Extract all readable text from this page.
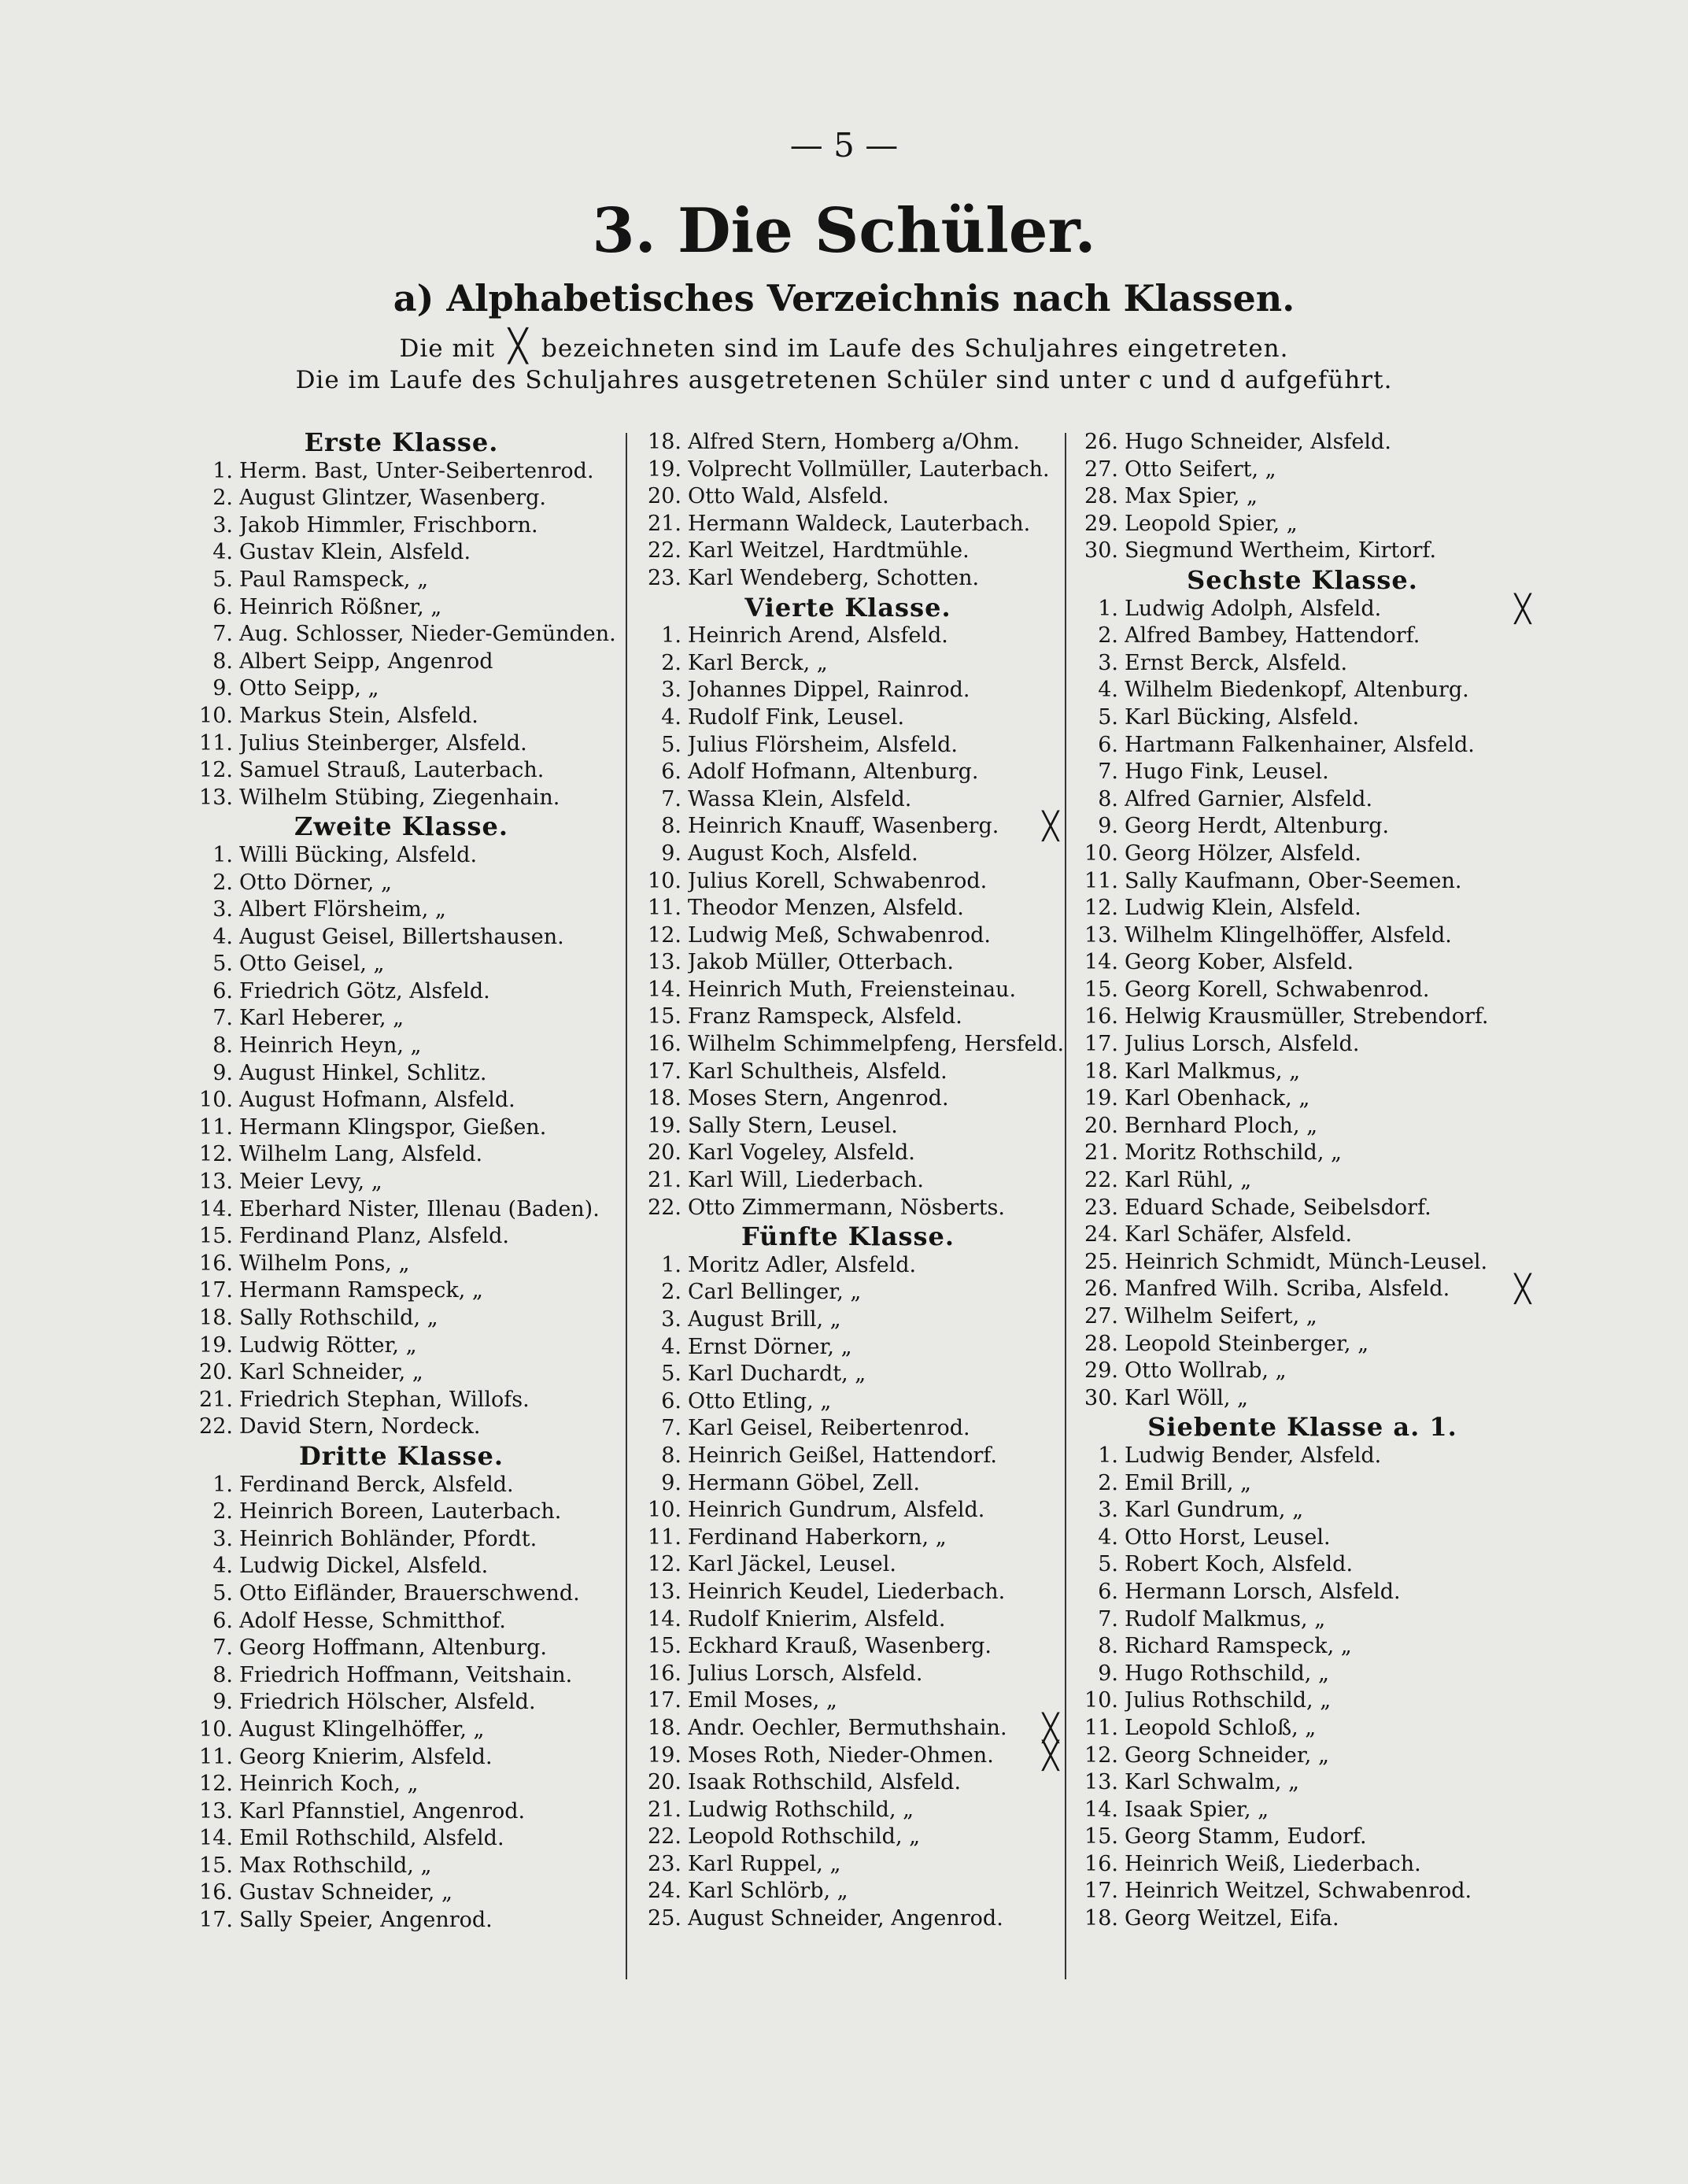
— 5 —
3. Die Schüler.
a) Alphabetisches Verzeichnis nach Klassen.
Die mit ╳ bezeichneten sind im Laufe des Schuljahres eingetreten.
Die im Laufe des Schuljahres ausgetretenen Schüler sind unter c und d aufgeführt.
Erste Klasse.
1. Herm. Bast, Unter-Seibertenrod.
2. August Glintzer, Wasenberg.
3. Jakob Himmler, Frischborn.
4. Gustav Klein, Alsfeld.
5. Paul Ramspeck, „
6. Heinrich Rößner, „
7. Aug. Schlosser, Nieder-Gemünden.
8. Albert Seipp, Angenrod
9. Otto Seipp, „
10. Markus Stein, Alsfeld.
11. Julius Steinberger, Alsfeld.
12. Samuel Strauß, Lauterbach.
13. Wilhelm Stübing, Ziegenhain.
Zweite Klasse.
1. Willi Bücking, Alsfeld.
2. Otto Dörner, „
3. Albert Flörsheim, „
4. August Geisel, Billertshausen.
5. Otto Geisel, „
6. Friedrich Götz, Alsfeld.
7. Karl Heberer, „
8. Heinrich Heyn, „
9. August Hinkel, Schlitz.
10. August Hofmann, Alsfeld.
11. Hermann Klingspor, Gießen.
12. Wilhelm Lang, Alsfeld.
13. Meier Levy, „
14. Eberhard Nister, Illenau (Baden).
15. Ferdinand Planz, Alsfeld.
16. Wilhelm Pons, „
17. Hermann Ramspeck, „
18. Sally Rothschild, „
19. Ludwig Rötter, „
20. Karl Schneider, „
21. Friedrich Stephan, Willofs.
22. David Stern, Nordeck.
Dritte Klasse.
1. Ferdinand Berck, Alsfeld.
2. Heinrich Boreen, Lauterbach.
3. Heinrich Bohländer, Pfordt.
4. Ludwig Dickel, Alsfeld.
5. Otto Eifländer, Brauerschwend.
6. Adolf Hesse, Schmitthof.
7. Georg Hoffmann, Altenburg.
8. Friedrich Hoffmann, Veitshain.
9. Friedrich Hölscher, Alsfeld.
10. August Klingelhöffer, „
11. Georg Knierim, Alsfeld.
12. Heinrich Koch, „
13. Karl Pfannstiel, Angenrod.
14. Emil Rothschild, Alsfeld.
15. Max Rothschild, „
16. Gustav Schneider, „
17. Sally Speier, Angenrod.
18. Alfred Stern, Homberg a/Ohm.
19. Volprecht Vollmüller, Lauterbach.
20. Otto Wald, Alsfeld.
21. Hermann Waldeck, Lauterbach.
22. Karl Weitzel, Hardtmühle.
23. Karl Wendeberg, Schotten.
Vierte Klasse.
1. Heinrich Arend, Alsfeld.
2. Karl Berck, „
3. Johannes Dippel, Rainrod.
4. Rudolf Fink, Leusel.
5. Julius Flörsheim, Alsfeld.
6. Adolf Hofmann, Altenburg.
7. Wassa Klein, Alsfeld.
8. Heinrich Knauff, Wasenberg.	╳
9. August Koch, Alsfeld.
10. Julius Korell, Schwabenrod.
11. Theodor Menzen, Alsfeld.
12. Ludwig Meß, Schwabenrod.
13. Jakob Müller, Otterbach.
14. Heinrich Muth, Freiensteinau.
15. Franz Ramspeck, Alsfeld.
16. Wilhelm Schimmelpfeng, Hersfeld.
17. Karl Schultheis, Alsfeld.
18. Moses Stern, Angenrod.
19. Sally Stern, Leusel.
20. Karl Vogeley, Alsfeld.
21. Karl Will, Liederbach.
22. Otto Zimmermann, Nösberts.
Fünfte Klasse.
1. Moritz Adler, Alsfeld.
2. Carl Bellinger, „
3. August Brill, „
4. Ernst Dörner, „
5. Karl Duchardt, „
6. Otto Etling, „
7. Karl Geisel, Reibertenrod.
8. Heinrich Geißel, Hattendorf.
9. Hermann Göbel, Zell.
10. Heinrich Gundrum, Alsfeld.
11. Ferdinand Haberkorn, „
12. Karl Jäckel, Leusel.
13. Heinrich Keudel, Liederbach.
14. Rudolf Knierim, Alsfeld.
15. Eckhard Krauß, Wasenberg.
16. Julius Lorsch, Alsfeld.
17. Emil Moses, „
18. Andr. Oechler, Bermuthshain.	╳
19. Moses Roth, Nieder-Ohmen.	╳
20. Isaak Rothschild, Alsfeld.
21. Ludwig Rothschild, „
22. Leopold Rothschild, „
23. Karl Ruppel, „
24. Karl Schlörb, „
25. August Schneider, Angenrod.
26. Hugo Schneider, Alsfeld.
27. Otto Seifert, „
28. Max Spier, „
29. Leopold Spier, „
30. Siegmund Wertheim, Kirtorf.
Sechste Klasse.
1. Ludwig Adolph, Alsfeld.	╳
2. Alfred Bambey, Hattendorf.
3. Ernst Berck, Alsfeld.
4. Wilhelm Biedenkopf, Altenburg.
5. Karl Bücking, Alsfeld.
6. Hartmann Falkenhainer, Alsfeld.
7. Hugo Fink, Leusel.
8. Alfred Garnier, Alsfeld.
9. Georg Herdt, Altenburg.
10. Georg Hölzer, Alsfeld.
11. Sally Kaufmann, Ober-Seemen.
12. Ludwig Klein, Alsfeld.
13. Wilhelm Klingelhöffer, Alsfeld.
14. Georg Kober, Alsfeld.
15. Georg Korell, Schwabenrod.
16. Helwig Krausmüller, Strebendorf.
17. Julius Lorsch, Alsfeld.
18. Karl Malkmus, „
19. Karl Obenhack, „
20. Bernhard Ploch, „
21. Moritz Rothschild, „
22. Karl Rühl, „
23. Eduard Schade, Seibelsdorf.
24. Karl Schäfer, Alsfeld.
25. Heinrich Schmidt, Münch-Leusel.
26. Manfred Wilh. Scriba, Alsfeld.	╳
27. Wilhelm Seifert, „
28. Leopold Steinberger, „
29. Otto Wollrab, „
30. Karl Wöll, „
Siebente Klasse a. 1.
1. Ludwig Bender, Alsfeld.
2. Emil Brill, „
3. Karl Gundrum, „
4. Otto Horst, Leusel.
5. Robert Koch, Alsfeld.
6. Hermann Lorsch, Alsfeld.
7. Rudolf Malkmus, „
8. Richard Ramspeck, „
9. Hugo Rothschild, „
10. Julius Rothschild, „
11. Leopold Schloß, „
12. Georg Schneider, „
13. Karl Schwalm, „
14. Isaak Spier, „
15. Georg Stamm, Eudorf.
16. Heinrich Weiß, Liederbach.
17. Heinrich Weitzel, Schwabenrod.
18. Georg Weitzel, Eifa.
